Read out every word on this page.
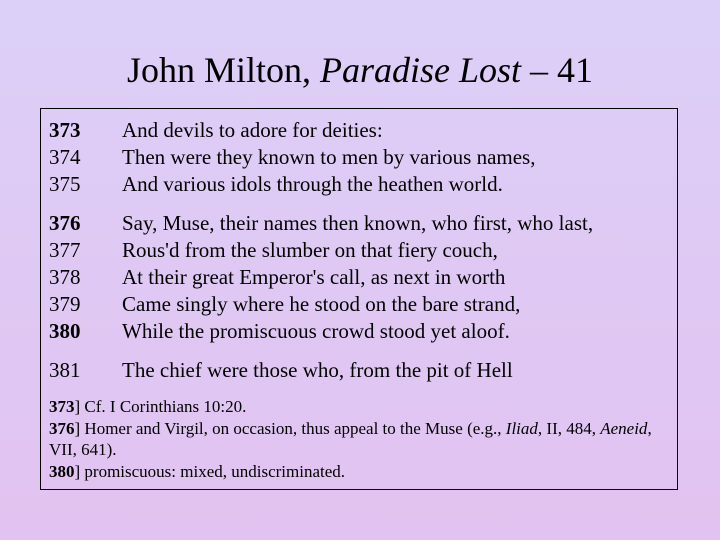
John Milton, Paradise Lost – 41
373	And devils to adore for deities:
374	Then were they known to men by various names,
375	And various idols through the heathen world.
376	Say, Muse, their names then known, who first, who last,
377	Rous'd from the slumber on that fiery couch,
378	At their great Emperor's call, as next in worth
379	Came singly where he stood on the bare strand,
380	While the promiscuous crowd stood yet aloof.
381	The chief were those who, from the pit of Hell
373] Cf. I Corinthians 10:20.
376] Homer and Virgil, on occasion, thus appeal to the Muse (e.g., Iliad, II, 484, Aeneid, VII, 641).
380] promiscuous: mixed, undiscriminated.
